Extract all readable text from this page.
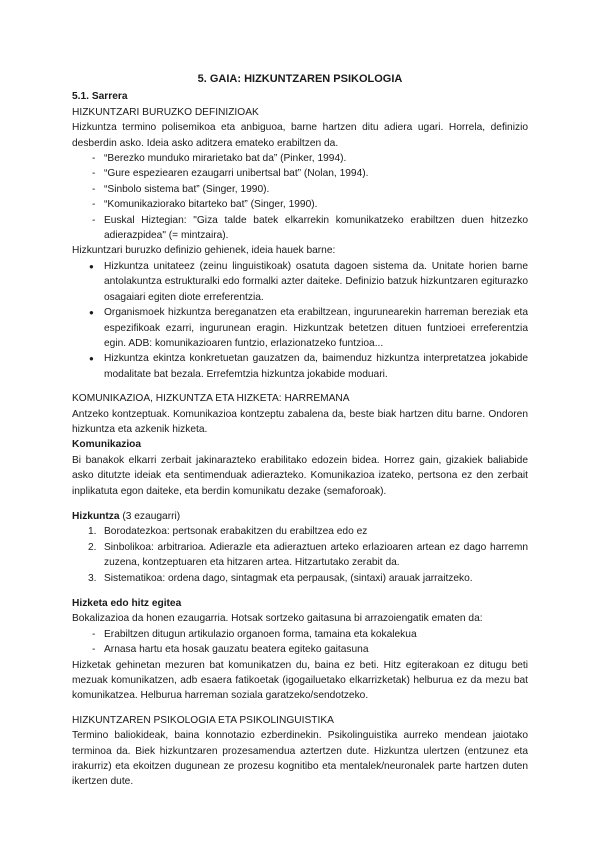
5. GAIA: HIZKUNTZAREN PSIKOLOGIA
5.1. Sarrera

HIZKUNTZARI BURUZKO DEFINIZIOAK

Hizkuntza termino polisemikoa eta anbiguoa, barne hartzen ditu adiera ugari. Horrela, definizio desberdin asko. Ideia asko aditzera emateko erabiltzen da.

- “Berezko munduko mirarietako bat da” (Pinker, 1994).
- “Gure espeziearen ezaugarri unibertsal bat” (Nolan, 1994).
- “Sinbolo sistema bat” (Singer, 1990).
- “Komunikaziorako bitarteko bat” (Singer, 1990).
- Euskal Hiztegian: "Giza talde batek elkarrekin komunikatzeko erabiltzen duen hitzezko adierazpidea" (= mintzaira).

Hizkuntzari buruzko definizio gehienek, ideia hauek barne:

● Hizkuntza unitateez (zeinu linguistikoak) osatuta dagoen sistema da. Unitate horien barne antolakuntza estrukturalki edo formalki azter daiteke. Definizio batzuk hizkuntzaren egiturazko osagaiari egiten diote erreferentzia.
● Organismoek hizkuntza bereganatzen eta erabiltzean, ingurunearekin harreman bereziak eta espezifikoak ezarri, ingurunean eragin. Hizkuntzak betetzen dituen funtzioei erreferentzia egin. ADB: komunikazioaren funtzio, erlazionatzeko funtzioa...
● Hizkuntza ekintza konkretuetan gauzatzen da, baimenduz hizkuntza interpretatzea jokabide modalitate bat bezala. Errefemtzia hizkuntza jokabide moduari.

KOMUNIKAZIOA, HIZKUNTZA ETA HIZKETA: HARREMANA

Antzeko kontzeptuak. Komunikazioa kontzeptu zabalena da, beste biak hartzen ditu barne. Ondoren hizkuntza eta azkenik hizketa.

Komunikazioa

Bi banakok elkarri zerbait jakinarazteko erabilitako edozein bidea. Horrez gain, gizakiek baliabide asko ditutzte ideiak eta sentimenduak adierazteko. Komunikazioa izateko, pertsona ez den zerbait inplikatuta egon daiteke, eta berdin komunikatu dezake (semaforoak).

Hizkuntza (3 ezaugarri)

1. Borodatezkoa: pertsonak erabakitzen du erabiltzea edo ez
2. Sinbolikoa: arbitrarioa. Adierazle eta adieraztuen arteko erlazioaren artean ez dago harremn zuzena, kontzeptuaren eta hitzaren artea. Hitzartutako zerabit da.
3. Sistematikoa: ordena dago, sintagmak eta perpausak, (sintaxi) arauak jarraitzeko.
Hizketa edo hitz egitea

Bokalizazioa da honen ezaugarria. Hotsak sortzeko gaitasuna bi arrazoiengatik ematen da:

- Erabiltzen ditugun artikulazio organoen forma, tamaina eta kokalekua
- Arnasa hartu eta hosak gauzatu beatera egiteko gaitasuna

Hizketak gehinetan mezuren bat komunikatzen du, baina ez beti. Hitz egiterakoan ez ditugu beti mezuak komunikatzen, adb esaera fatikoetak (igogailuetako elkarrizketak) helburua ez da mezu bat komunikatzea. Helburua harreman soziala garatzeko/sendotzeko.

HIZKUNTZAREN PSIKOLOGIA ETA PSIKOLINGUISTIKA

Termino baliokideak, baina konnotazio ezberdinekin. Psikolinguistika aurreko mendean jaiotako terminoa da. Biek hizkuntzaren prozesamendua aztertzen dute. Hizkuntza ulertzen (entzunez eta irakurriz) eta ekoitzen dugunean ze prozesu kognitibo eta mentalek/neuronalek parte hartzen duten ikertzen dute.
